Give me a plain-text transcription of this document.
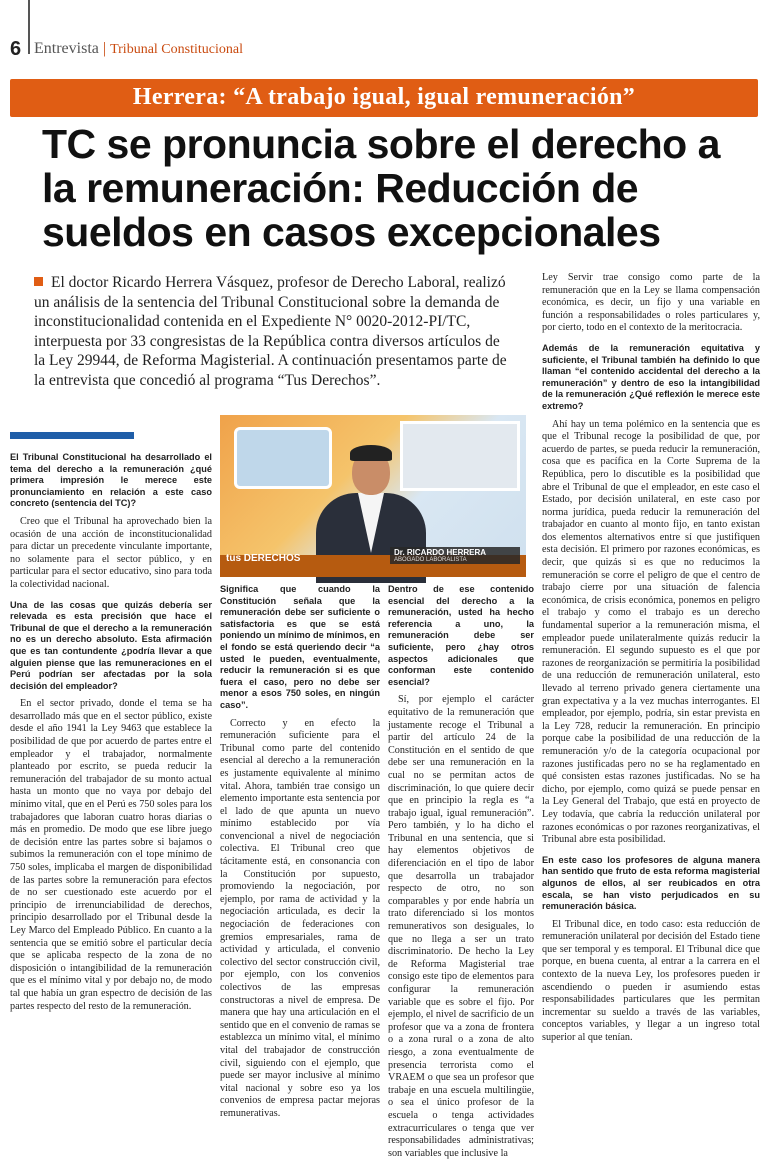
6 Entrevista | Tribunal Constitucional
Herrera: “A trabajo igual, igual remuneración”
TC se pronuncia sobre el derecho a la remuneración: Reducción de sueldos en casos excepcionales

El doctor Ricardo Herrera Vásquez, profesor de Derecho Laboral, realizó un análisis de la sentencia del Tribunal Constitucional sobre la demanda de inconstitucionalidad contenida en el Expediente N° 0020-2012-PI/TC, interpuesta por 33 congresistas de la República contra diversos artículos de la Ley 29944, de Reforma Magisterial. A continuación presentamos parte de la entrevista que concedió al programa “Tus Derechos”.

tus DERECHOS
Dr. RICARDO HERRERA
ABOGADO LABORALISTA

El Tribunal Constitucional ha desarrollado el tema del derecho a la remuneración ¿qué primera impresión le merece este pronunciamiento en relación a este caso concreto (sentencia del TC)?

Creo que el Tribunal ha aprovechado bien la ocasión de una acción de inconstitucionalidad para dictar un precedente vinculante importante, no solamente para el sector público, y en particular para el sector educativo, sino para toda la colectividad nacional.

Una de las cosas que quizás debería ser relevada es esta precisión que hace el Tribunal de que el derecho a la remuneración no es un derecho absoluto. Esta afirmación que es tan contundente ¿podría llevar a que alguien piense que las remuneraciones en el Perú podrían ser afectadas por la sola decisión del empleador?

En el sector privado, donde el tema se ha desarrollado más que en el sector público, existe desde el año 1941 la Ley 9463 que establece la posibilidad de que por acuerdo de partes entre el empleador y el trabajador, normalmente planteado por escrito, se pueda reducir la remuneración del trabajador de su monto actual hasta un monto que no vaya por debajo del mínimo vital, que en el Perú es 750 soles para los trabajadores que laboran cuatro horas diarias o más en promedio. De modo que ese libre juego de decisión entre las partes sobre si bajamos o subimos la remuneración con el tope mínimo de 750 soles, implicaba el margen de disponibilidad de las partes sobre la remuneración para efectos de no ser cuestionado este acuerdo por el principio de irrenunciabilidad de derechos, principio desarrollado por el Tribunal desde la Ley Marco del Empleado Público. En cuanto a la sentencia que se emitió sobre el particular decía que se aplicaba respecto de la zona de no disposición o intangibilidad de la remuneración que es el mínimo vital y por debajo no, de modo tal que había un gran espectro de decisión de las partes respecto del resto de la remuneración.

Significa que cuando la Constitución señala que la remuneración debe ser suficiente o satisfactoria es que se está poniendo un mínimo de mínimos, en el fondo se está queriendo decir “a usted le pueden, eventualmente, reducir la remuneración si es que fuera el caso, pero no debe ser menor a esos 750 soles, en ningún caso”.

Correcto y en efecto la remuneración suficiente para el Tribunal como parte del contenido esencial al derecho a la remuneración es justamente equivalente al mínimo vital. Ahora, también trae consigo un elemento importante esta sentencia por el lado de que apunta un nuevo mínimo establecido por vía convencional a nivel de negociación colectiva. El Tribunal creo que tácitamente está, en consonancia con la Constitución por supuesto, promoviendo la negociación, por ejemplo, por rama de actividad y la negociación articulada, es decir la negociación de federaciones con gremios empresariales, rama de actividad y articulada, el convenio colectivo del sector construcción civil, por ejemplo, con los convenios colectivos de las empresas constructoras a nivel de empresa. De manera que hay una articulación en el sentido que en el convenio de ramas se establezca un mínimo vital, el mínimo vital del trabajador de construcción civil, siguiendo con el ejemplo, que puede ser mayor inclusive al mínimo vital nacional y sobre eso ya los convenios de empresa pactar mejoras remunerativas.

Dentro de ese contenido esencial del derecho a la remuneración, usted ha hecho referencia a uno, la remuneración debe ser suficiente, pero ¿hay otros aspectos adicionales que conforman este contenido esencial?

Sí, por ejemplo el carácter equitativo de la remuneración que justamente recoge el Tribunal a partir del artículo 24 de la Constitución en el sentido de que debe ser una remuneración en la cual no se permitan actos de discriminación, lo que quiere decir que en principio la regla es “a trabajo igual, igual remuneración”. Pero también, y lo ha dicho el Tribunal en una sentencia, que si hay elementos objetivos de diferenciación en el tipo de labor que desarrolla un trabajador respecto de otro, no son comparables y por ende habría un trato diferenciado si los montos remunerativos son desiguales, lo que no llega a ser un trato discriminatorio. De hecho la Ley de Reforma Magisterial trae consigo este tipo de elementos para configurar la remuneración variable que es sobre el fijo. Por ejemplo, el nivel de sacrificio de un profesor que va a zona de frontera o a zona rural o a zona de alto riesgo, a zona eventualmente de presencia terrorista como el VRAEM o que sea un profesor que trabaje en una escuela multilingüe, o sea el único profesor de la escuela o tenga actividades extracurriculares o tenga que ver responsabilidades administrativas; son variables que inclusive la

Ley Servir trae consigo como parte de la remuneración que en la Ley se llama compensación económica, es decir, un fijo y una variable en función a responsabilidades o roles particulares y, por cierto, todo en el contexto de la meritocracia.

Además de la remuneración equitativa y suficiente, el Tribunal también ha definido lo que llaman “el contenido accidental del derecho a la remuneración” y dentro de eso la intangibilidad de la remuneración ¿Qué reflexión le merece este extremo?

Ahí hay un tema polémico en la sentencia que es que el Tribunal recoge la posibilidad de que, por acuerdo de partes, se pueda reducir la remuneración, cosa que es pacífica en la Corte Suprema de la República, pero lo discutible es la posibilidad que abre el Tribunal de que el empleador, en este caso el Estado, por decisión unilateral, en este caso por norma jurídica, pueda reducir la remuneración del trabajador en cuanto al monto fijo, en tanto existan dos elementos alternativos entre sí que justifiquen esta decisión. El primero por razones económicas, es decir, que quizás si es que no reducimos la remuneración se corre el peligro de que el centro de trabajo cierre por una situación de falencia económica, de crisis económica, ponemos en peligro el trabajo y como el trabajo es un derecho fundamental superior a la remuneración misma, el empleador puede unilateralmente quizás reducir la remuneración. El segundo supuesto es el que por razones de reorganización se permitiría la posibilidad de una reducción de remuneración unilateral, esto llevado al terreno privado genera ciertamente una gran expectativa y a la vez muchas interrogantes. El empleador, por ejemplo, podría, sin estar prevista en la Ley 728, reducir la remuneración. En principio porque cabe la posibilidad de una reducción de la remuneración y/o de la categoría ocupacional por razones justificadas pero no se ha reglamentado en qué consisten estas razones justificadas. No se ha dicho, por ejemplo, como quizá se puede pensar en la Ley General del Trabajo, que está en proyecto de Ley todavía, que cabría la reducción unilateral por razones económicas o por razones reorganizativas, el Tribunal abre esta posibilidad.

En este caso los profesores de alguna manera han sentido que fruto de esta reforma magisterial algunos de ellos, al ser reubicados en otra escala, se han visto perjudicados en su remuneración básica.

El Tribunal dice, en todo caso: esta reducción de remuneración unilateral por decisión del Estado tiene que ser temporal y es temporal. El Tribunal dice que porque, en buena cuenta, al entrar a la carrera en el contexto de la nueva Ley, los profesores pueden ir ascendiendo o pueden ir asumiendo estas responsabilidades particulares que les permitan incrementar su sueldo a través de las variables, conceptos variables, y llegar a un ingreso total superior al que tenían.
